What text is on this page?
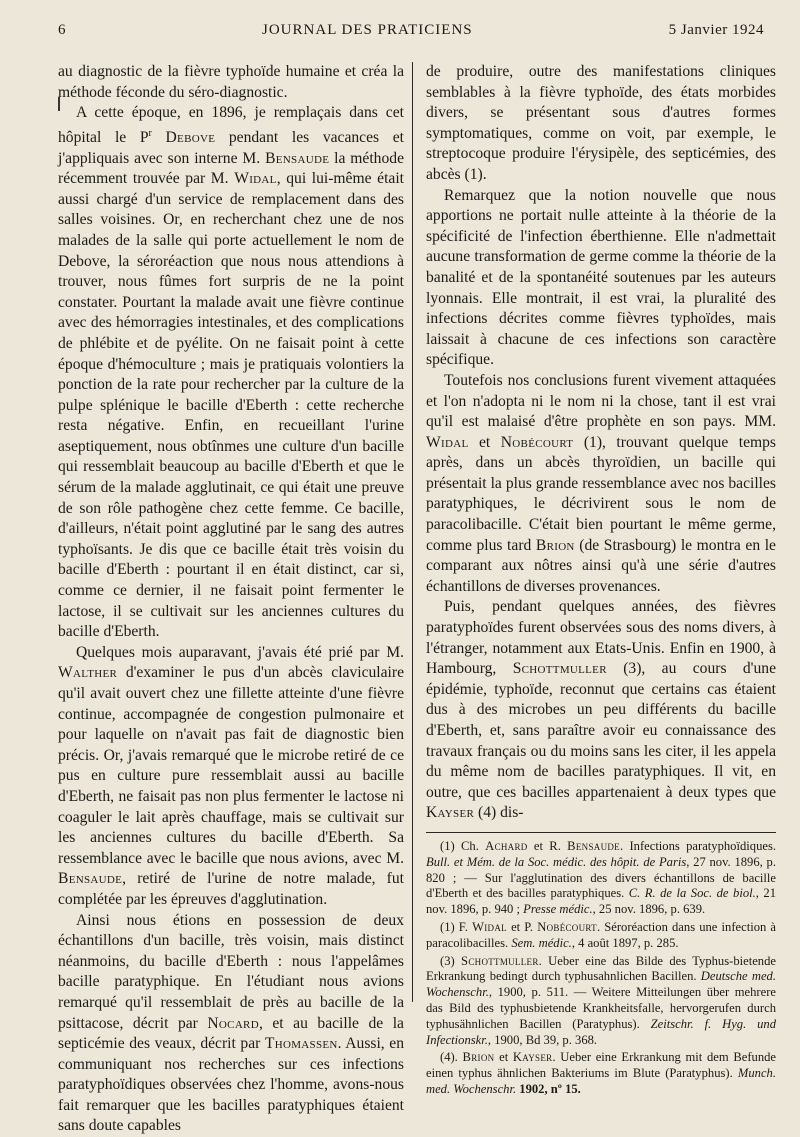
6	JOURNAL DES PRATICIENS	5 Janvier 1924

au diagnostic de la fièvre typhoïde humaine et créa la méthode féconde du séro-diagnostic.

A cette époque, en 1896, je remplaçais dans cet hôpital le $P^r$ Debove pendant les vacances et j'appliquais avec son interne M. Bensaude la méthode récemment trouvée par M. Widal, qui lui-même était aussi chargé d'un service de remplacement dans des salles voisines. Or, en recherchant chez une de nos malades de la salle qui porte actuellement le nom de Debove, la séroréaction que nous nous attendions à trouver, nous fûmes fort surpris de ne la point constater. Pourtant la malade avait une fièvre continue avec des hémorragies intestinales, et des complications de phlébite et de pyélite. On ne faisait point à cette époque d'hémoculture ; mais je pratiquais volontiers la ponction de la rate pour rechercher par la culture de la pulpe splénique le bacille d'Eberth : cette recherche resta négative. Enfin, en recueillant l'urine aseptiquement, nous obtînmes une culture d'un bacille qui ressemblait beaucoup au bacille d'Eberth et que le sérum de la malade agglutinait, ce qui était une preuve de son rôle pathogène chez cette femme. Ce bacille, d'ailleurs, n'était point agglutiné par le sang des autres typhoïsants. Je dis que ce bacille était très voisin du bacille d'Eberth : pourtant il en était distinct, car si, comme ce dernier, il ne faisait point fermenter le lactose, il se cultivait sur les anciennes cultures du bacille d'Eberth.

Quelques mois auparavant, j'avais été prié par M. Walther d'examiner le pus d'un abcès claviculaire qu'il avait ouvert chez une fillette atteinte d'une fièvre continue, accompagnée de congestion pulmonaire et pour laquelle on n'avait pas fait de diagnostic bien précis. Or, j'avais remarqué que le microbe retiré de ce pus en culture pure ressemblait aussi au bacille d'Eberth, ne faisait pas non plus fermenter le lactose ni coaguler le lait après chauffage, mais se cultivait sur les anciennes cultures du bacille d'Eberth. Sa ressemblance avec le bacille que nous avions, avec M. Bensaude, retiré de l'urine de notre malade, fut complétée par les épreuves d'agglutination.

Ainsi nous étions en possession de deux échantillons d'un bacille, très voisin, mais distinct néanmoins, du bacille d'Eberth : nous l'appelâmes bacille paratyphique. En l'étudiant nous avions remarqué qu'il ressemblait de près au bacille de la psittacose, décrit par Nocard, et au bacille de la septicémie des veaux, décrit par Thomassen. Aussi, en communiquant nos recherches sur ces infections paratyphoïdiques observées chez l'homme, avons-nous fait remarquer que les bacilles paratyphiques étaient sans doute capables

de produire, outre des manifestations cliniques semblables à la fièvre typhoïde, des états morbides divers, se présentant sous d'autres formes symptomatiques, comme on voit, par exemple, le streptocoque produire l'érysipèle, des septicémies, des abcès (1).

Remarquez que la notion nouvelle que nous apportions ne portait nulle atteinte à la théorie de la spécificité de l'infection éberthienne. Elle n'admettait aucune transformation de germe comme la théorie de la banalité et de la spontanéité soutenues par les auteurs lyonnais. Elle montrait, il est vrai, la pluralité des infections décrites comme fièvres typhoïdes, mais laissait à chacune de ces infections son caractère spécifique.

Toutefois nos conclusions furent vivement attaquées et l'on n'adopta ni le nom ni la chose, tant il est vrai qu'il est malaisé d'être prophète en son pays. MM. Widal et Nobécourt (1), trouvant quelque temps après, dans un abcès thyroïdien, un bacille qui présentait la plus grande ressemblance avec nos bacilles paratyphiques, le décrivirent sous le nom de paracolibacille. C'était bien pourtant le même germe, comme plus tard Brion (de Strasbourg) le montra en le comparant aux nôtres ainsi qu'à une série d'autres échantillons de diverses provenances.

Puis, pendant quelques années, des fièvres paratyphoïdes furent observées sous des noms divers, à l'étranger, notamment aux Etats-Unis. Enfin en 1900, à Hambourg, Schottmuller (3), au cours d'une épidémie, typhoïde, reconnut que certains cas étaient dus à des microbes un peu différents du bacille d'Eberth, et, sans paraître avoir eu connaissance des travaux français ou du moins sans les citer, il les appela du même nom de bacilles paratyphiques. Il vit, en outre, que ces bacilles appartenaient à deux types que Kayser (4) dis-

(1) Ch. Achard et R. Bensaude. Infections paratyphoïdiques. Bull. et Mém. de la Soc. médic. des hôpit. de Paris, 27 nov. 1896, p. 820 ; — Sur l'agglutination des divers échantillons de bacille d'Eberth et des bacilles paratyphiques. C. R. de la Soc. de biol., 21 nov. 1896, p. 940 ; Presse médic., 25 nov. 1896, p. 639.

(1) F. Widal et P. Nobécourt. Séroréaction dans une infection à paracolibacilles. Sem. médic., 4 août 1897, p. 285.

(3) Schottmuller. Ueber eine das Bilde des Typhus-bietende Erkrankung bedingt durch typhusahnlichen Bacillen. Deutsche med. Wochenschr., 1900, p. 511. — Weitere Mitteilungen über mehrere das Bild des typhusbietende Krankheitsfalle, hervorgerufen durch typhusähnlichen Bacillen (Paratyphus). Zeitschr. f. Hyg. und Infectionskr., 1900, Bd 39, p. 368.

(4). Brion et Kayser. Ueber eine Erkrankung mit dem Befunde einen typhus ähnlichen Bakteriums im Blute (Paratyphus). Munch. med. Wochenschr. 1902, nº 15.
